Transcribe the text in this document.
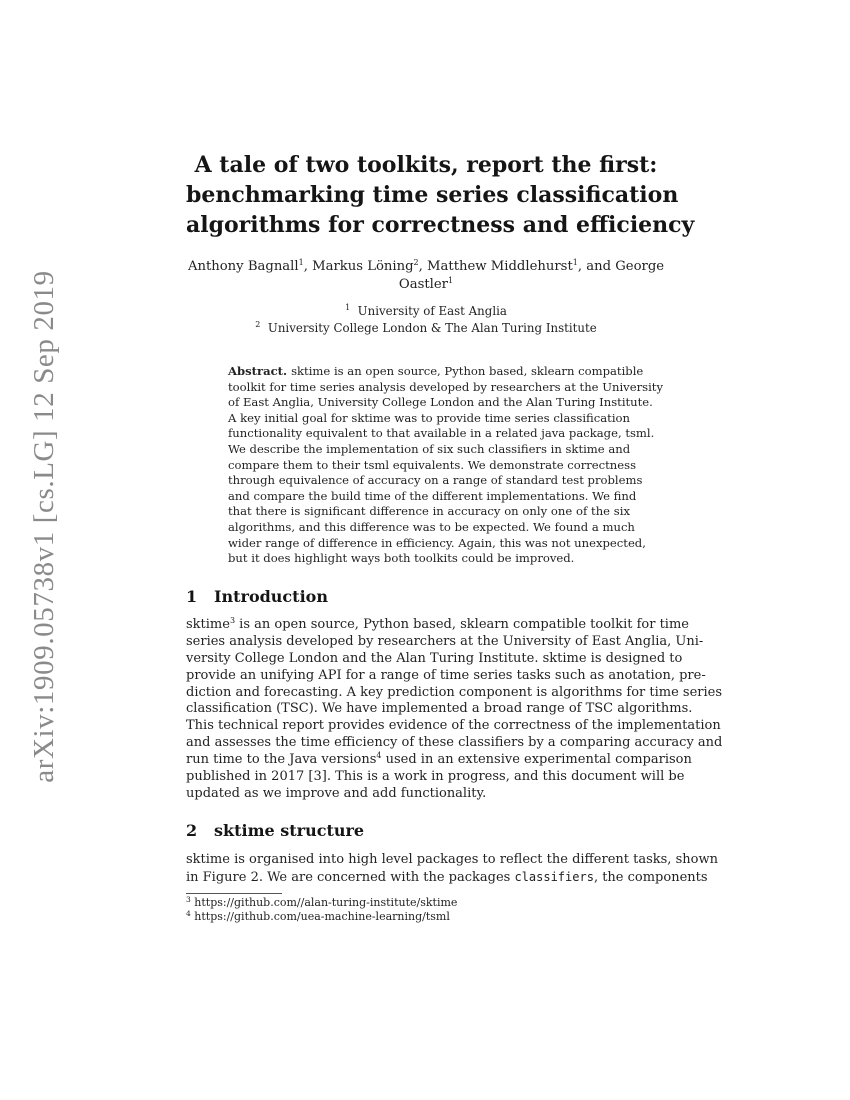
arXiv:1909.05738v1 [cs.LG] 12 Sep 2019
A tale of two toolkits, report the first:
benchmarking time series classification
algorithms for correctness and efficiency
Anthony Bagnall$^1$, Markus Löning$^2$, Matthew Middlehurst$^1$, and George
Oastler$^1$
$^1$ University of East Anglia
$^2$ University College London & The Alan Turing Institute
Abstract. sktime is an open source, Python based, sklearn compatible
toolkit for time series analysis developed by researchers at the University
of East Anglia, University College London and the Alan Turing Institute.
A key initial goal for sktime was to provide time series classification
functionality equivalent to that available in a related java package, tsml.
We describe the implementation of six such classifiers in sktime and
compare them to their tsml equivalents. We demonstrate correctness
through equivalence of accuracy on a range of standard test problems
and compare the build time of the different implementations. We find
that there is significant difference in accuracy on only one of the six
algorithms, and this difference was to be expected. We found a much
wider range of difference in efficiency. Again, this was not unexpected,
but it does highlight ways both toolkits could be improved.
1 Introduction
sktime$^3$ is an open source, Python based, sklearn compatible toolkit for time
series analysis developed by researchers at the University of East Anglia, Uni-
versity College London and the Alan Turing Institute. sktime is designed to
provide an unifying API for a range of time series tasks such as anotation, pre-
diction and forecasting. A key prediction component is algorithms for time series
classification (TSC). We have implemented a broad range of TSC algorithms.
This technical report provides evidence of the correctness of the implementation
and assesses the time efficiency of these classifiers by a comparing accuracy and
run time to the Java versions$^4$ used in an extensive experimental comparison
published in 2017 [3]. This is a work in progress, and this document will be
updated as we improve and add functionality.
2 sktime structure
sktime is organised into high level packages to reflect the different tasks, shown
in Figure 2. We are concerned with the packages classifiers, the components
$^3$ https://github.com//alan-turing-institute/sktime
$^4$ https://github.com/uea-machine-learning/tsml
